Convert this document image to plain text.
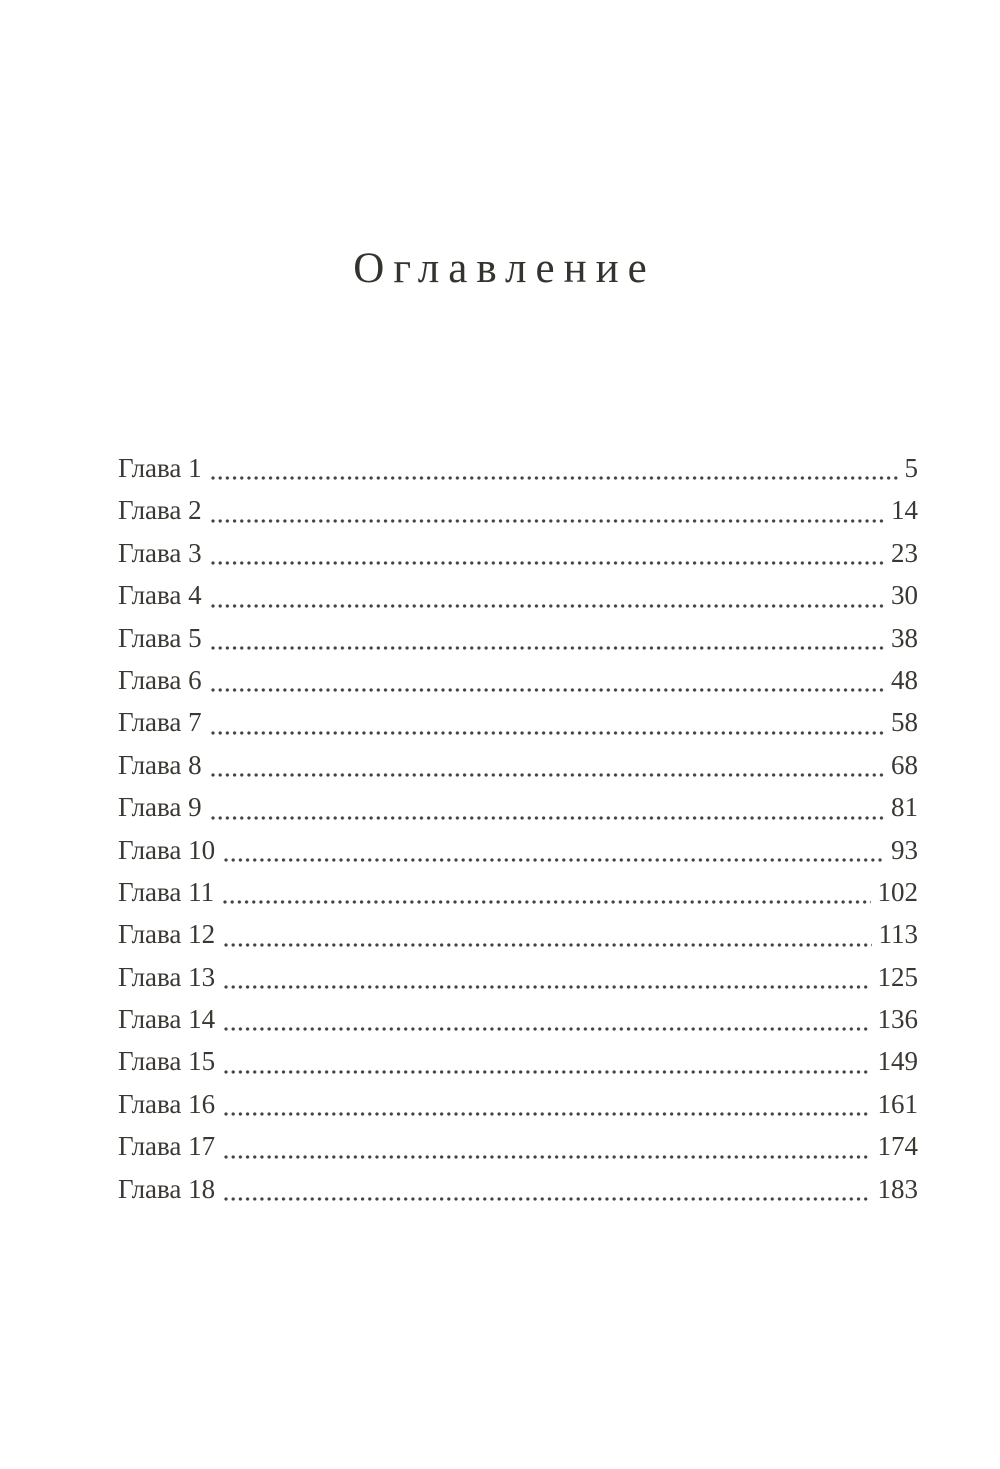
Оглавление
Глава 1	5
Глава 2	14
Глава 3	23
Глава 4	30
Глава 5	38
Глава 6	48
Глава 7	58
Глава 8	68
Глава 9	81
Глава 10	93
Глава 11	102
Глава 12	113
Глава 13	125
Глава 14	136
Глава 15	149
Глава 16	161
Глава 17	174
Глава 18	183
